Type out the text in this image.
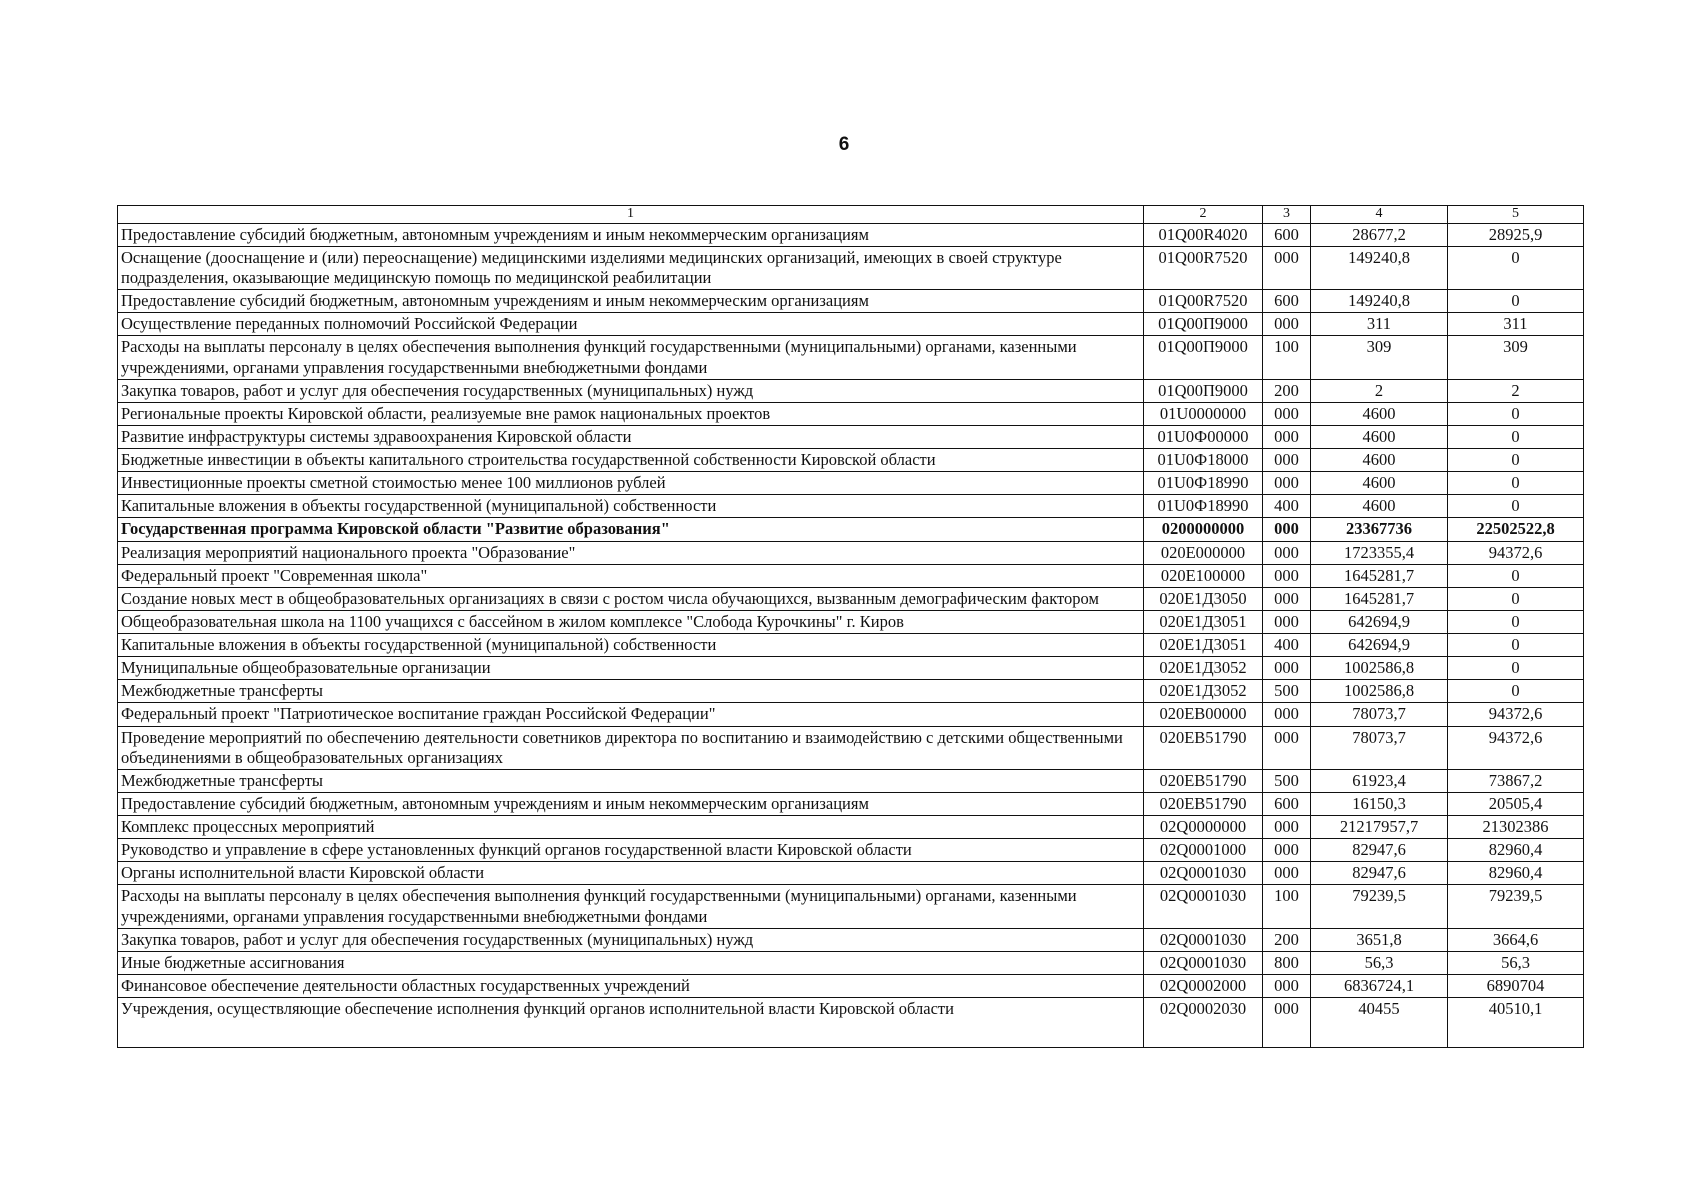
6
1	2	3	4	5
Предоставление субсидий бюджетным, автономным учреждениям и иным некоммерческим организациям	01Q00R4020	600	28677,2	28925,9
Оснащение (дооснащение и (или) переоснащение) медицинскими изделиями медицинских организаций, имеющих в своей структуре подразделения, оказывающие медицинскую помощь по медицинской реабилитации	01Q00R7520	000	149240,8	0
Предоставление субсидий бюджетным, автономным учреждениям и иным некоммерческим организациям	01Q00R7520	600	149240,8	0
Осуществление переданных полномочий Российской Федерации	01Q00П9000	000	311	311
Расходы на выплаты персоналу в целях обеспечения выполнения функций государственными (муниципальными) органами, казенными учреждениями, органами управления государственными внебюджетными фондами	01Q00П9000	100	309	309
Закупка товаров, работ и услуг для обеспечения государственных (муниципальных) нужд	01Q00П9000	200	2	2
Региональные проекты Кировской области, реализуемые вне рамок национальных проектов	01U0000000	000	4600	0
Развитие инфраструктуры системы здравоохранения Кировской области	01U0Ф00000	000	4600	0
Бюджетные инвестиции в объекты капитального строительства государственной собственности Кировской области	01U0Ф18000	000	4600	0
Инвестиционные проекты сметной стоимостью менее 100 миллионов рублей	01U0Ф18990	000	4600	0
Капитальные вложения в объекты государственной (муниципальной) собственности	01U0Ф18990	400	4600	0
Государственная программа Кировской области "Развитие образования"	0200000000	000	23367736	22502522,8
Реализация мероприятий национального проекта "Образование"	020E000000	000	1723355,4	94372,6
Федеральный проект "Современная школа"	020E100000	000	1645281,7	0
Создание новых мест в общеобразовательных организациях в связи с ростом числа обучающихся, вызванным демографическим фактором	020E1Д3050	000	1645281,7	0
Общеобразовательная школа на 1100 учащихся с бассейном в жилом комплексе "Слобода Курочкины" г. Киров	020E1Д3051	000	642694,9	0
Капитальные вложения в объекты государственной (муниципальной) собственности	020E1Д3051	400	642694,9	0
Муниципальные общеобразовательные организации	020E1Д3052	000	1002586,8	0
Межбюджетные трансферты	020E1Д3052	500	1002586,8	0
Федеральный проект "Патриотическое воспитание граждан Российской Федерации"	020EB00000	000	78073,7	94372,6
Проведение мероприятий по обеспечению деятельности советников директора по воспитанию и взаимодействию с детскими общественными объединениями в общеобразовательных организациях	020EB51790	000	78073,7	94372,6
Межбюджетные трансферты	020EB51790	500	61923,4	73867,2
Предоставление субсидий бюджетным, автономным учреждениям и иным некоммерческим организациям	020EB51790	600	16150,3	20505,4
Комплекс процессных мероприятий	02Q0000000	000	21217957,7	21302386
Руководство и управление в сфере установленных функций органов государственной власти Кировской области	02Q0001000	000	82947,6	82960,4
Органы исполнительной власти Кировской области	02Q0001030	000	82947,6	82960,4
Расходы на выплаты персоналу в целях обеспечения выполнения функций государственными (муниципальными) органами, казенными учреждениями, органами управления государственными внебюджетными фондами	02Q0001030	100	79239,5	79239,5
Закупка товаров, работ и услуг для обеспечения государственных (муниципальных) нужд	02Q0001030	200	3651,8	3664,6
Иные бюджетные ассигнования	02Q0001030	800	56,3	56,3
Финансовое обеспечение деятельности областных государственных учреждений	02Q0002000	000	6836724,1	6890704
Учреждения, осуществляющие обеспечение исполнения функций органов исполнительной власти Кировской области	02Q0002030	000	40455	40510,1
